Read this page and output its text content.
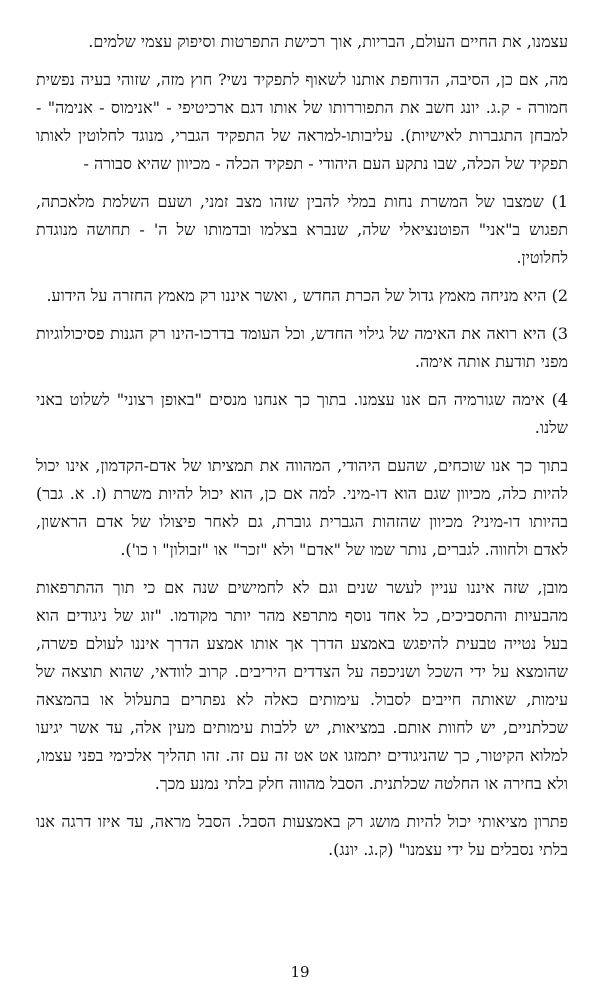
עצמנו, את החיים העולם, הבריות, אוך רכישת התפרטות וסיפוק עצמי שלמים.

מה, אם כן, הסיבה, הדוחפת אותנו לשאוף לתפקיד נשי? חוץ מזה, שזוהי בעיה נפשית חמורה - ק.ג. יונג חשב את התפוררותו של אותו דגם ארכיטיפי - "אנימוס - אנימה" - למבחן התגברות לאישיות). עליבותו-למראה של התפקיד הגברי, מנוגד לחלוטין לאותו תפקיד של הכלה, שבו נתקע העם היהודי - תפקיד הכלה - מכיוון שהיא סבורה -

1) שמצבו של המשרת נחות במלי להבין שזהו מצב זמני, ושעם השלמת מלאכתה, תפגוש ב"אני" הפוטנציאלי שלה, שנברא בצלמו ובדמותו של ה' - תחושה מנוגדת לחלוטין.

2) היא מניחה מאמץ גדול של הכרת החדש , ואשר איננו רק מאמץ החזרה על הידוע.

3) היא רואה את האימה של גילוי החדש, וכל העומד בדרכו-הינו רק הגנות פסיכולוגיות מפני תודעת אותה אימה.

4) אימה שגורמיה הם אנו עצמנו. בתוך כך אנחנו מנסים "באופן רצוני" לשלוט באני שלנו.

בתוך כך אנו שוכחים, שהעם היהודי, המהווה את תמציתו של אדם-הקדמון, אינו יכול להיות כלה, מכיוון שגם הוא דו-מיני. למה אם כן, הוא יכול להיות משרת (ז. א. גבר) בהיותו דו-מיני? מכיוון שהזהות הגברית גוברת, גם לאחר פיצולו של אדם הראשון, לאדם ולחווה. לגברים, נותר שמו של "אדם" ולא "זכר" או "זבולון" ו כו').

מובן, שזה איננו עניין לעשר שנים וגם לא לחמישים שנה אם כי תוך ההתרפאות מהבעיות והתסביכים, כל אחד נוסף מתרפא מהר יותר מקודמו. "זוג של ניגודים הוא בעל נטייה טבעית להיפגש באמצע הדרך אך אותו אמצע הדרך איננו לעולם פשרה, שהומצא על ידי השכל ושניכפה על הצדדים היריבים. קרוב לוודאי, שהוא תוצאה של עימות, שאותה חייבים לסבול. עימותים כאלה לא נפתרים בתעלול או בהמצאה שכלתניים, יש לחוות אותם. במציאות, יש ללבות עימותים מעין אלה, עד אשר יגיעו למלוא הקיטור, כך שהניגודים יתמזגו אט אט זה עם זה. זהו תהליך אלכימי בפני עצמו, ולא בחירה או החלטה שכלתנית. הסבל מהווה חלק בלתי נמנע מכך.

פתרון מציאותי יכול להיות מושג רק באמצעות הסבל. הסבל מראה, עד איזו דרגה אנו בלתי נסבלים על ידי עצמנו" (ק.ג. יונג).

19
